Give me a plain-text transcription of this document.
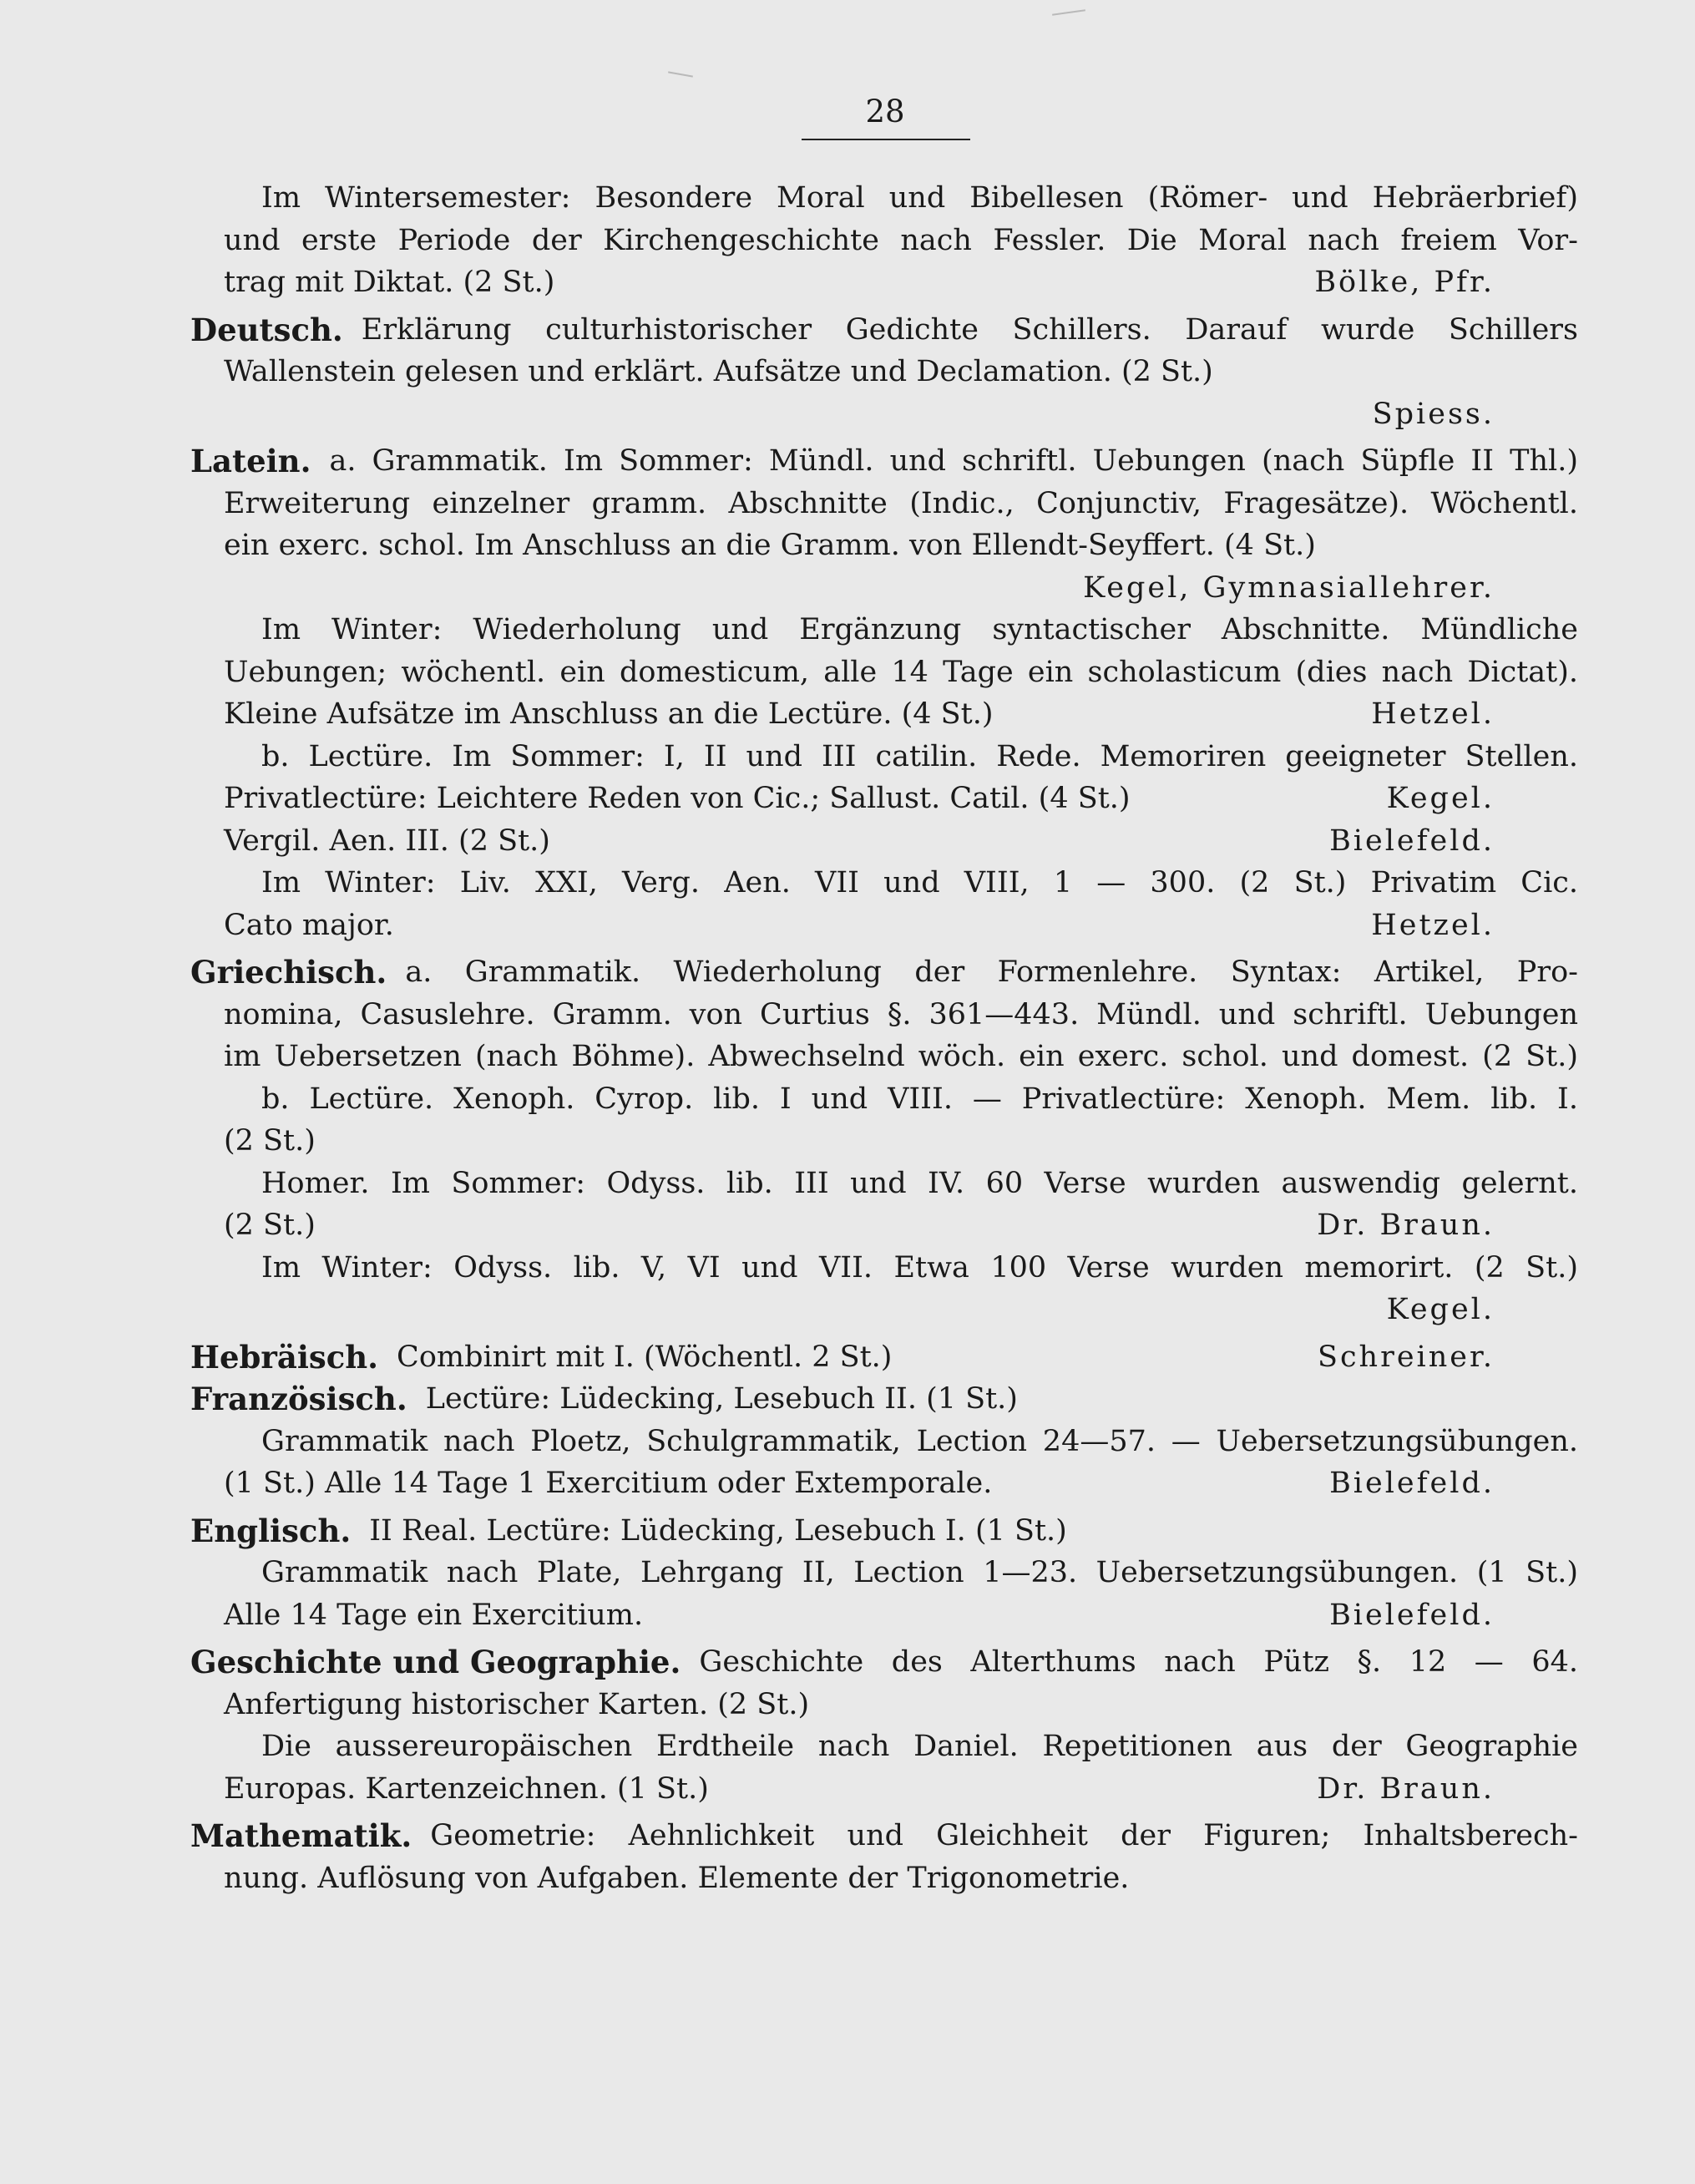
28
Im Wintersemester: Besondere Moral und Bibellesen (Römer- und Hebräerbrief)
und erste Periode der Kirchengeschichte nach Fessler. Die Moral nach freiem Vor-
trag mit Diktat. (2 St.)	Bölke, Pfr.
Deutsch. Erklärung culturhistorischer Gedichte Schillers. Darauf wurde Schillers
Wallenstein gelesen und erklärt. Aufsätze und Declamation. (2 St.)
Spiess.
Latein. a. Grammatik. Im Sommer: Mündl. und schriftl. Uebungen (nach Süpfle II Thl.)
Erweiterung einzelner gramm. Abschnitte (Indic., Conjunctiv, Fragesätze). Wöchentl.
ein exerc. schol. Im Anschluss an die Gramm. von Ellendt-Seyffert. (4 St.)
Kegel, Gymnasiallehrer.
Im Winter: Wiederholung und Ergänzung syntactischer Abschnitte. Mündliche
Uebungen; wöchentl. ein domesticum, alle 14 Tage ein scholasticum (dies nach Dictat).
Kleine Aufsätze im Anschluss an die Lectüre. (4 St.)	Hetzel.
b. Lectüre. Im Sommer: I, II und III catilin. Rede. Memoriren geeigneter Stellen.
Privatlectüre: Leichtere Reden von Cic.; Sallust. Catil. (4 St.)	Kegel.
Vergil. Aen. III. (2 St.)	Bielefeld.
Im Winter: Liv. XXI, Verg. Aen. VII und VIII, 1 — 300. (2 St.) Privatim Cic.
Cato major.	Hetzel.
Griechisch. a. Grammatik. Wiederholung der Formenlehre. Syntax: Artikel, Pro-
nomina, Casuslehre. Gramm. von Curtius §. 361—443. Mündl. und schriftl. Uebungen
im Uebersetzen (nach Böhme). Abwechselnd wöch. ein exerc. schol. und domest. (2 St.)
b. Lectüre. Xenoph. Cyrop. lib. I und VIII. — Privatlectüre: Xenoph. Mem. lib. I.
(2 St.)
Homer. Im Sommer: Odyss. lib. III und IV. 60 Verse wurden auswendig gelernt.
(2 St.)	Dr. Braun.
Im Winter: Odyss. lib. V, VI und VII. Etwa 100 Verse wurden memorirt. (2 St.)
Kegel.
Hebräisch. Combinirt mit I. (Wöchentl. 2 St.)	Schreiner.
Französisch. Lectüre: Lüdecking, Lesebuch II. (1 St.)
Grammatik nach Ploetz, Schulgrammatik, Lection 24—57. — Uebersetzungsübungen.
(1 St.) Alle 14 Tage 1 Exercitium oder Extemporale.	Bielefeld.
Englisch. II Real. Lectüre: Lüdecking, Lesebuch I. (1 St.)
Grammatik nach Plate, Lehrgang II, Lection 1—23. Uebersetzungsübungen. (1 St.)
Alle 14 Tage ein Exercitium.	Bielefeld.
Geschichte und Geographie. Geschichte des Alterthums nach Pütz §. 12 — 64.
Anfertigung historischer Karten. (2 St.)
Die aussereuropäischen Erdtheile nach Daniel. Repetitionen aus der Geographie
Europas. Kartenzeichnen. (1 St.)	Dr. Braun.
Mathematik. Geometrie: Aehnlichkeit und Gleichheit der Figuren; Inhaltsberech-
nung. Auflösung von Aufgaben. Elemente der Trigonometrie.
